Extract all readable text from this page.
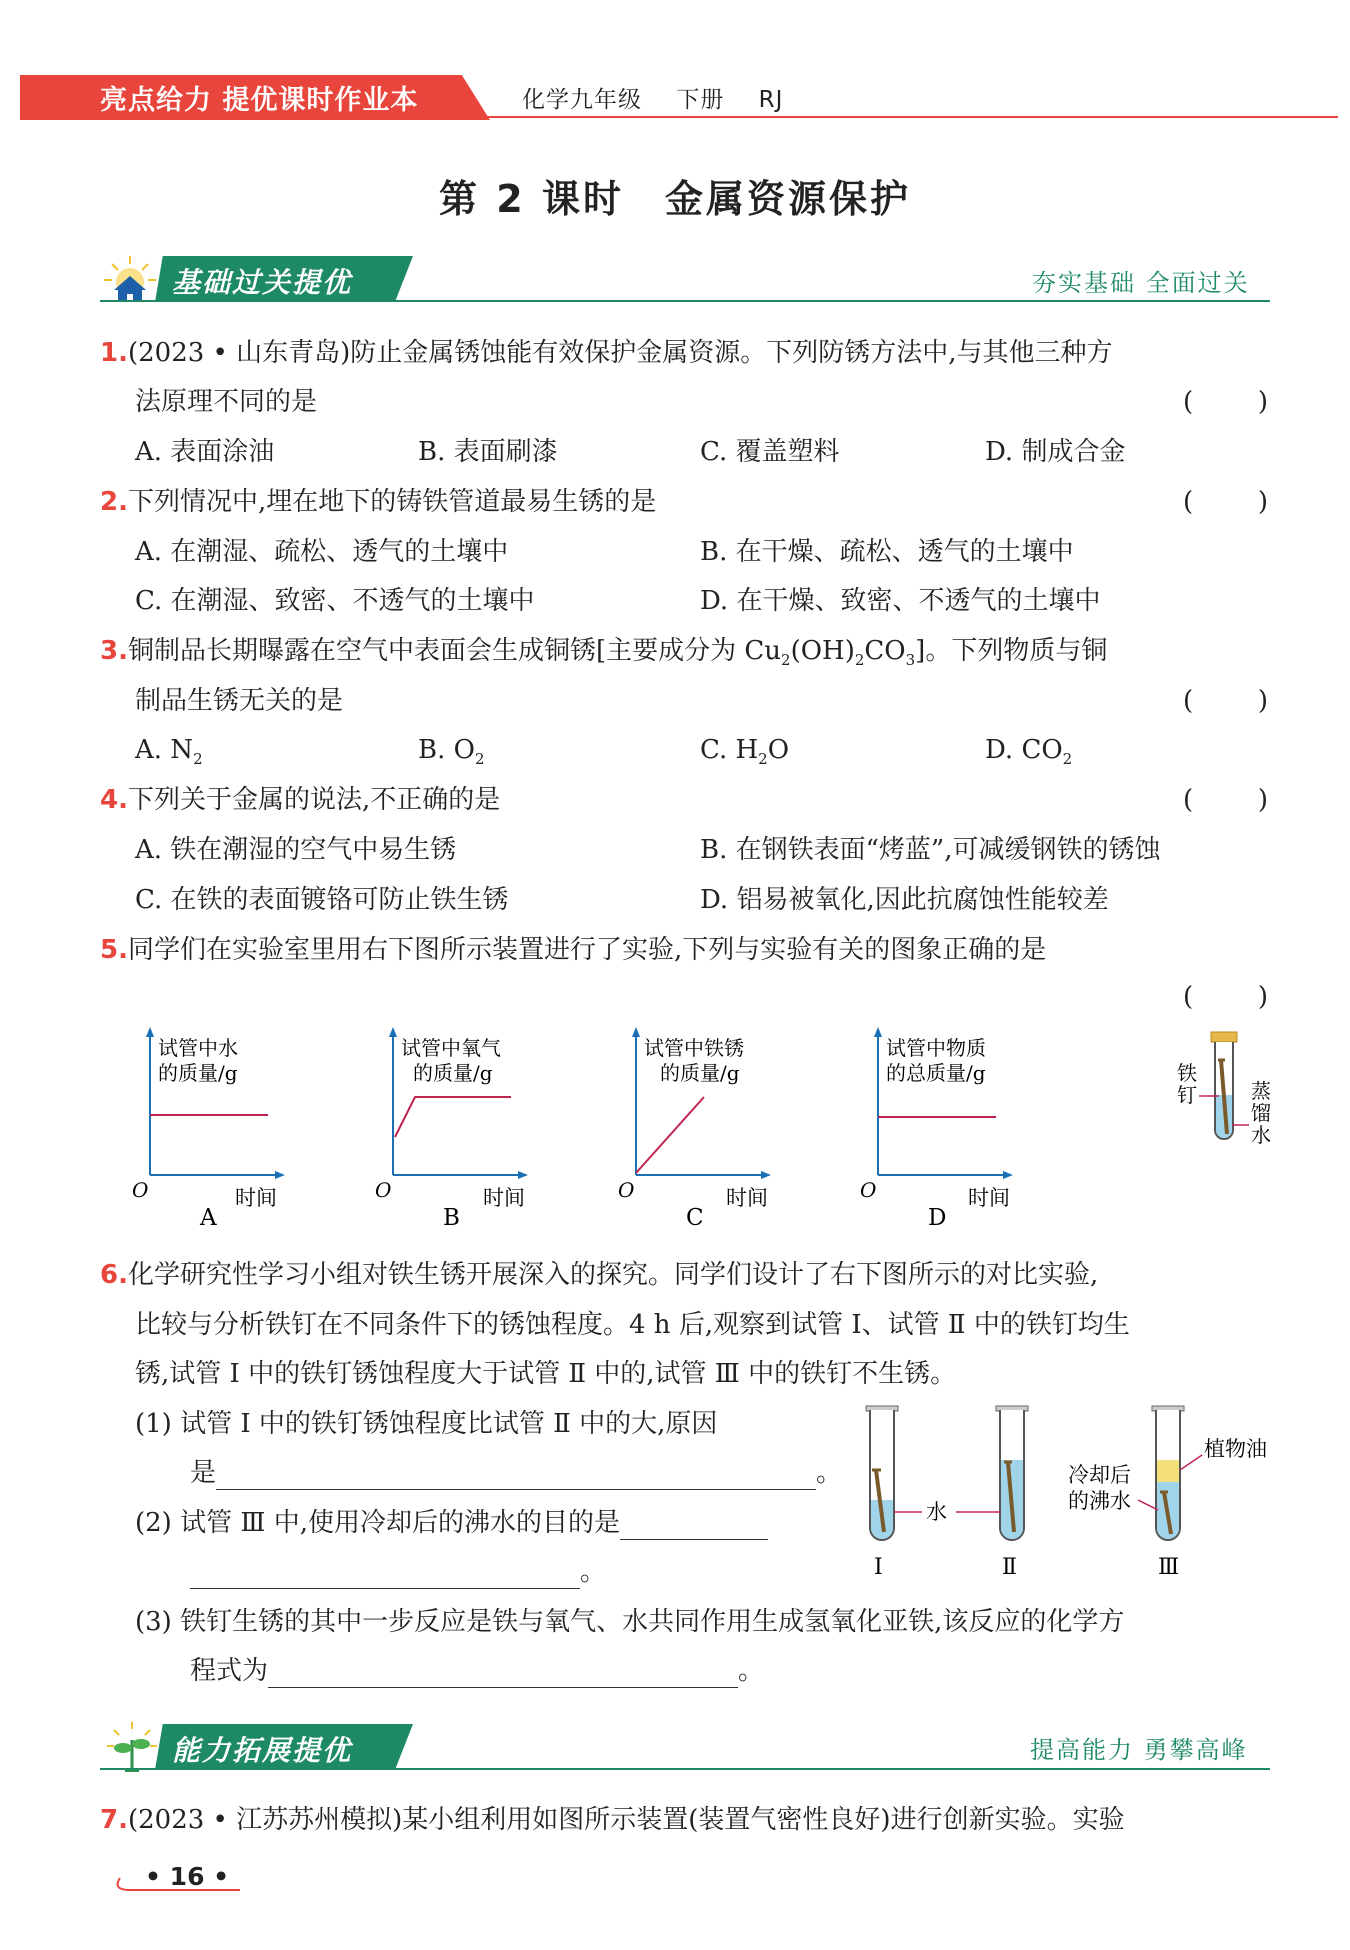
亮点给力 提优课时作业本	化学九年级 下册 RJ
第 2 课时　金属资源保护
基础过关提优	夯实基础 全面过关
1.(2023 • 山东青岛)防止金属锈蚀能有效保护金属资源。下列防锈方法中,与其他三种方
法原理不同的是	( )
A. 表面涂油	B. 表面刷漆	C. 覆盖塑料	D. 制成合金
2.下列情况中,埋在地下的铸铁管道最易生锈的是	( )
A. 在潮湿、疏松、透气的土壤中	B. 在干燥、疏松、透气的土壤中
C. 在潮湿、致密、不透气的土壤中	D. 在干燥、致密、不透气的土壤中
3.铜制品长期曝露在空气中表面会生成铜锈[主要成分为 $Cu_2(OH)_2CO_3$]。下列物质与铜
制品生锈无关的是	( )
A. $N_2$	B. $O_2$	C. $H_2O$	D. $CO_2$
4.下列关于金属的说法,不正确的是	( )
A. 铁在潮湿的空气中易生锈	B. 在钢铁表面“烤蓝”,可减缓钢铁的锈蚀
C. 在铁的表面镀铬可防止铁生锈	D. 铝易被氧化,因此抗腐蚀性能较差
5.同学们在实验室里用右下图所示装置进行了实验,下列与实验有关的图象正确的是
( )
试管中水
的质量/g
O	时间
A
试管中氧气
的质量/g
O	时间
B
试管中铁锈
的质量/g
O	时间
C
试管中物质
的总质量/g
O	时间
D
铁
钉	蒸
馏
水
6.化学研究性学习小组对铁生锈开展深入的探究。同学们设计了右下图所示的对比实验,
比较与分析铁钉在不同条件下的锈蚀程度。4 h 后,观察到试管 Ⅰ、试管 Ⅱ 中的铁钉均生
锈,试管 Ⅰ 中的铁钉锈蚀程度大于试管 Ⅱ 中的,试管 Ⅲ 中的铁钉不生锈。
(1) 试管 Ⅰ 中的铁钉锈蚀程度比试管 Ⅱ 中的大,原因
是	。
(2) 试管 Ⅲ 中,使用冷却后的沸水的目的是
。
(3) 铁钉生锈的其中一步反应是铁与氧气、水共同作用生成氢氧化亚铁,该反应的化学方
程式为	。
水
植物油
冷却后
的沸水
Ⅰ	Ⅱ	Ⅲ
能力拓展提优	提高能力 勇攀高峰
7.(2023 • 江苏苏州模拟)某小组利用如图所示装置(装置气密性良好)进行创新实验。实验
• 16 •
